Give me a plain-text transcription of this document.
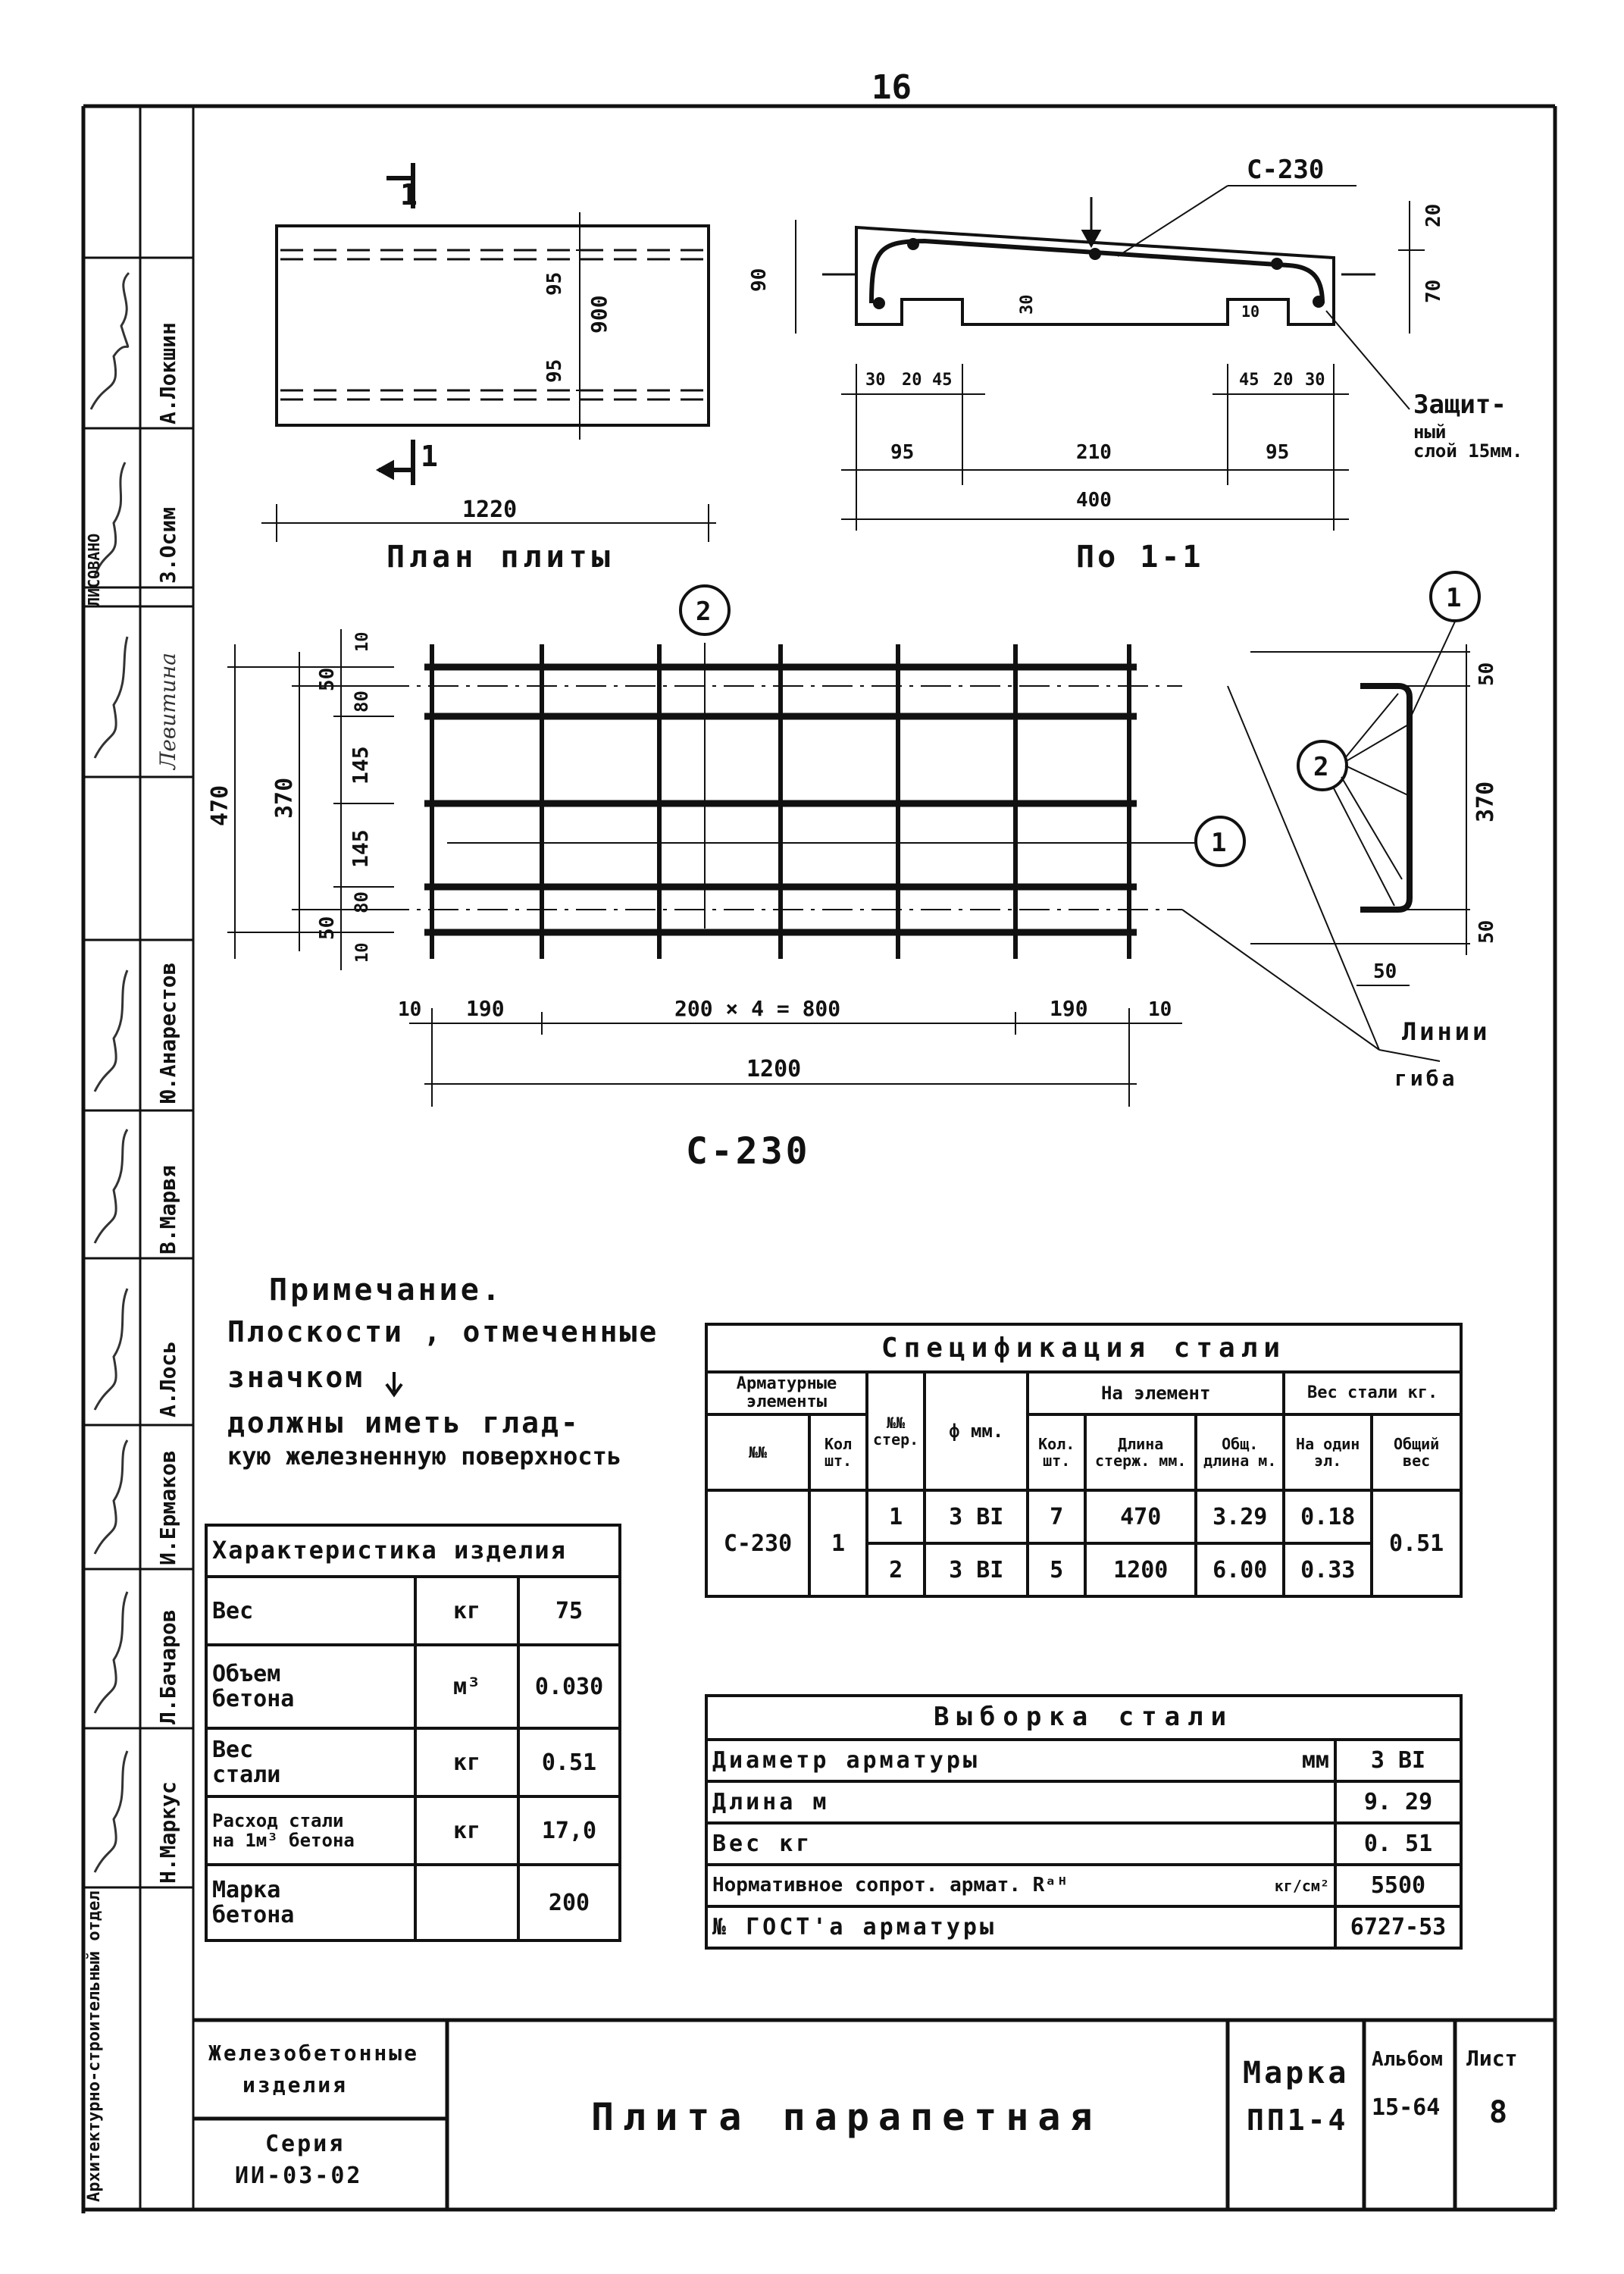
1
1
1220
900
95
95
План плиты
С-230
90
20
70
30	10
30 20 45	45 20 30
95	210	95
400
Защит-
ный
слой 15мм.
По 1-1
2
1
1
2
470 370
10
50
80
145
145
80
50
10
10 190	200 × 4 = 800	190	10
1200
50
370
50
50
Линии
гиба
С-230
Примечание.
Плоскости , отмеченные
значком
должны иметь глад-
кую железненную поверхность
Железобетонные
изделия
Серия
ИИ-03-02
Плита парапетная
Марка
ПП1-4
Альбом
15-64
Лист
8
16
А.Локшин
З.Осим
ЛИСОВАНО
Левитина
Ю.Анарестов
В.Марвя
А.Лось
И.Ермаков
Л.Бачаров
Н.Маркус
Архитектурно-строительный отдел
Характеристика изделия		

Вес	кг	75

Объем
бетона	м³	0.030

Вес
стали	кг	0.51

Расход стали
на 1м³ бетона	кг	17,0

Марка
бетона		200
Спецификация стали								
Арматурные элементы		№№ стер.	ф мм.	На элемент			Вес стали кг.	
№№	Кол шт.			Кол. шт.	Длина стерж. мм.	Общ. длина м.	На один эл.	Общий вес
С-230	1	1	3 ВI	7	470	3.29	0.18	0.51
		2	3 ВI	5	1200	6.00	0.33	
Выборка стали		
Диаметр арматуры	мм	3 ВI
Длина м		9. 29
Вес кг		0. 51
Нормативное сопрот. армат. Rᵃᴴ	кг/см²	5500
№ ГОСТ'а арматуры		6727-53
